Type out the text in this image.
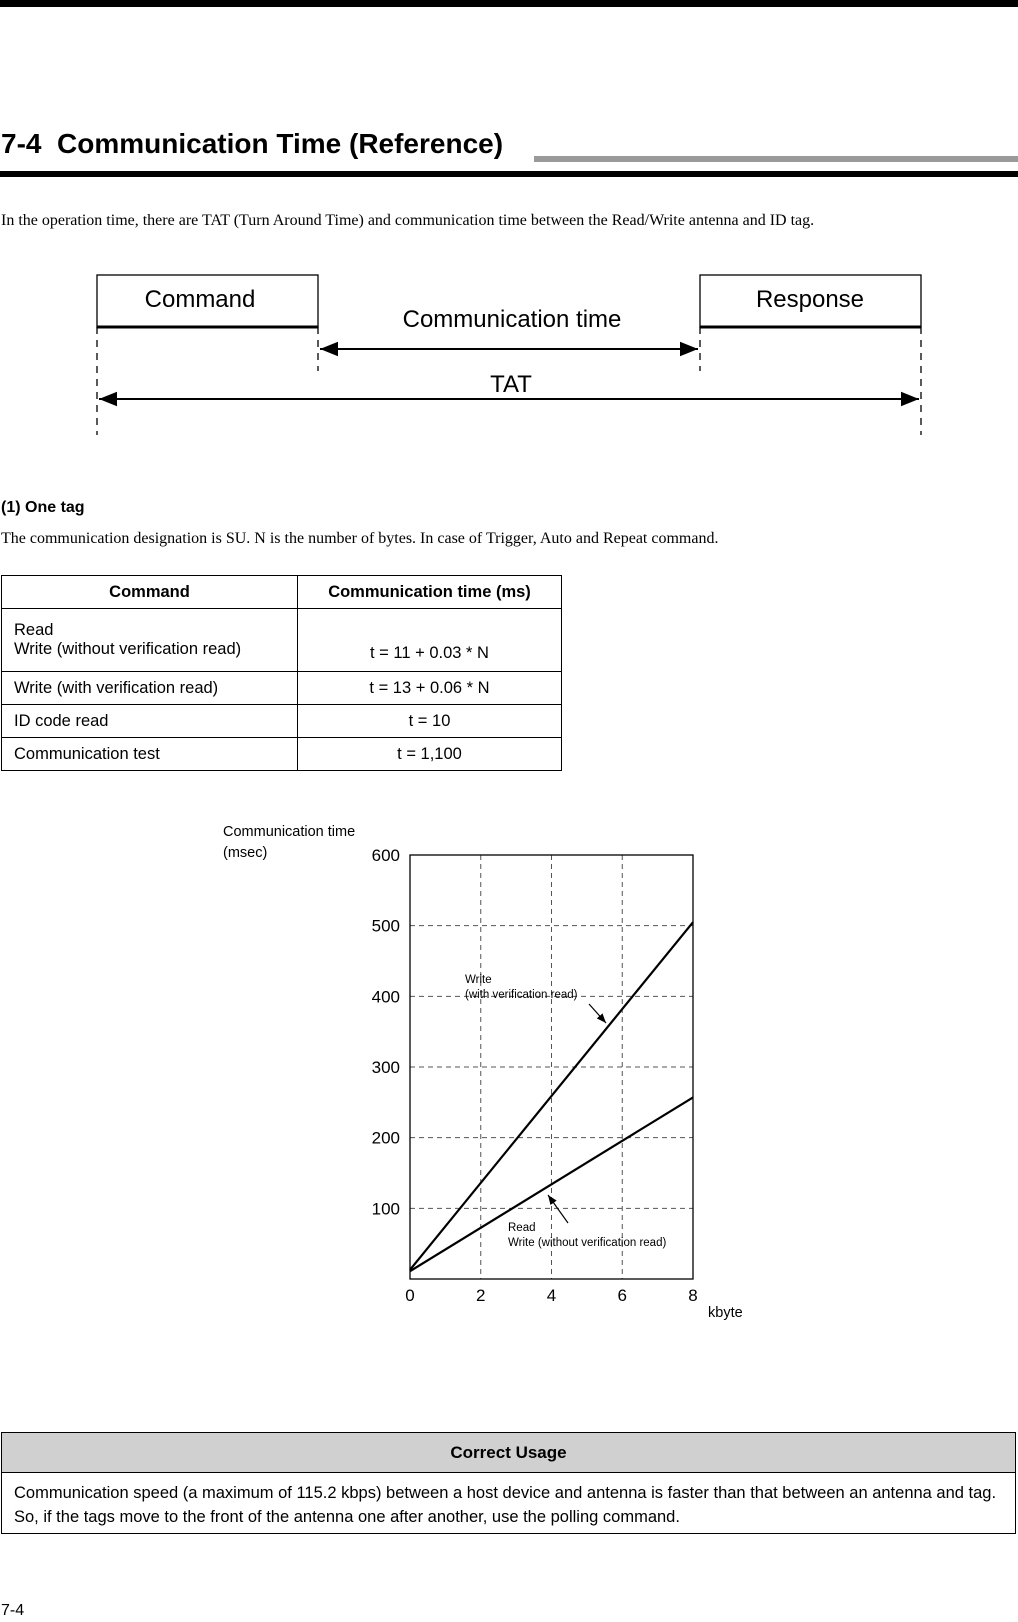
7-4 Communication Time (Reference)
In the operation time, there are TAT (Turn Around Time) and communication time between the Read/Write antenna and ID tag.
Command	Response
Communication time
TAT
(1) One tag
The communication designation is SU. N is the number of bytes. In case of Trigger, Auto and Repeat command.
Command	Communication time (ms)

Read
Write (without verification read)	t = 11 + 0.03 * N
Write (with verification read)	t = 13 + 0.06 * N
ID code read	t = 10
Communication test	t = 1,100
Communication time
(msec)
kbyte
100
200
300
400
500
600
0	2	4	6	8
Write
(with verification read)
Read
Write (without verification read)
Correct Usage
Communication speed (a maximum of 115.2 kbps) between a host device and antenna is faster than that between an antenna and tag. So, if the tags move to the front of the antenna one after another, use the polling command.
7-4
